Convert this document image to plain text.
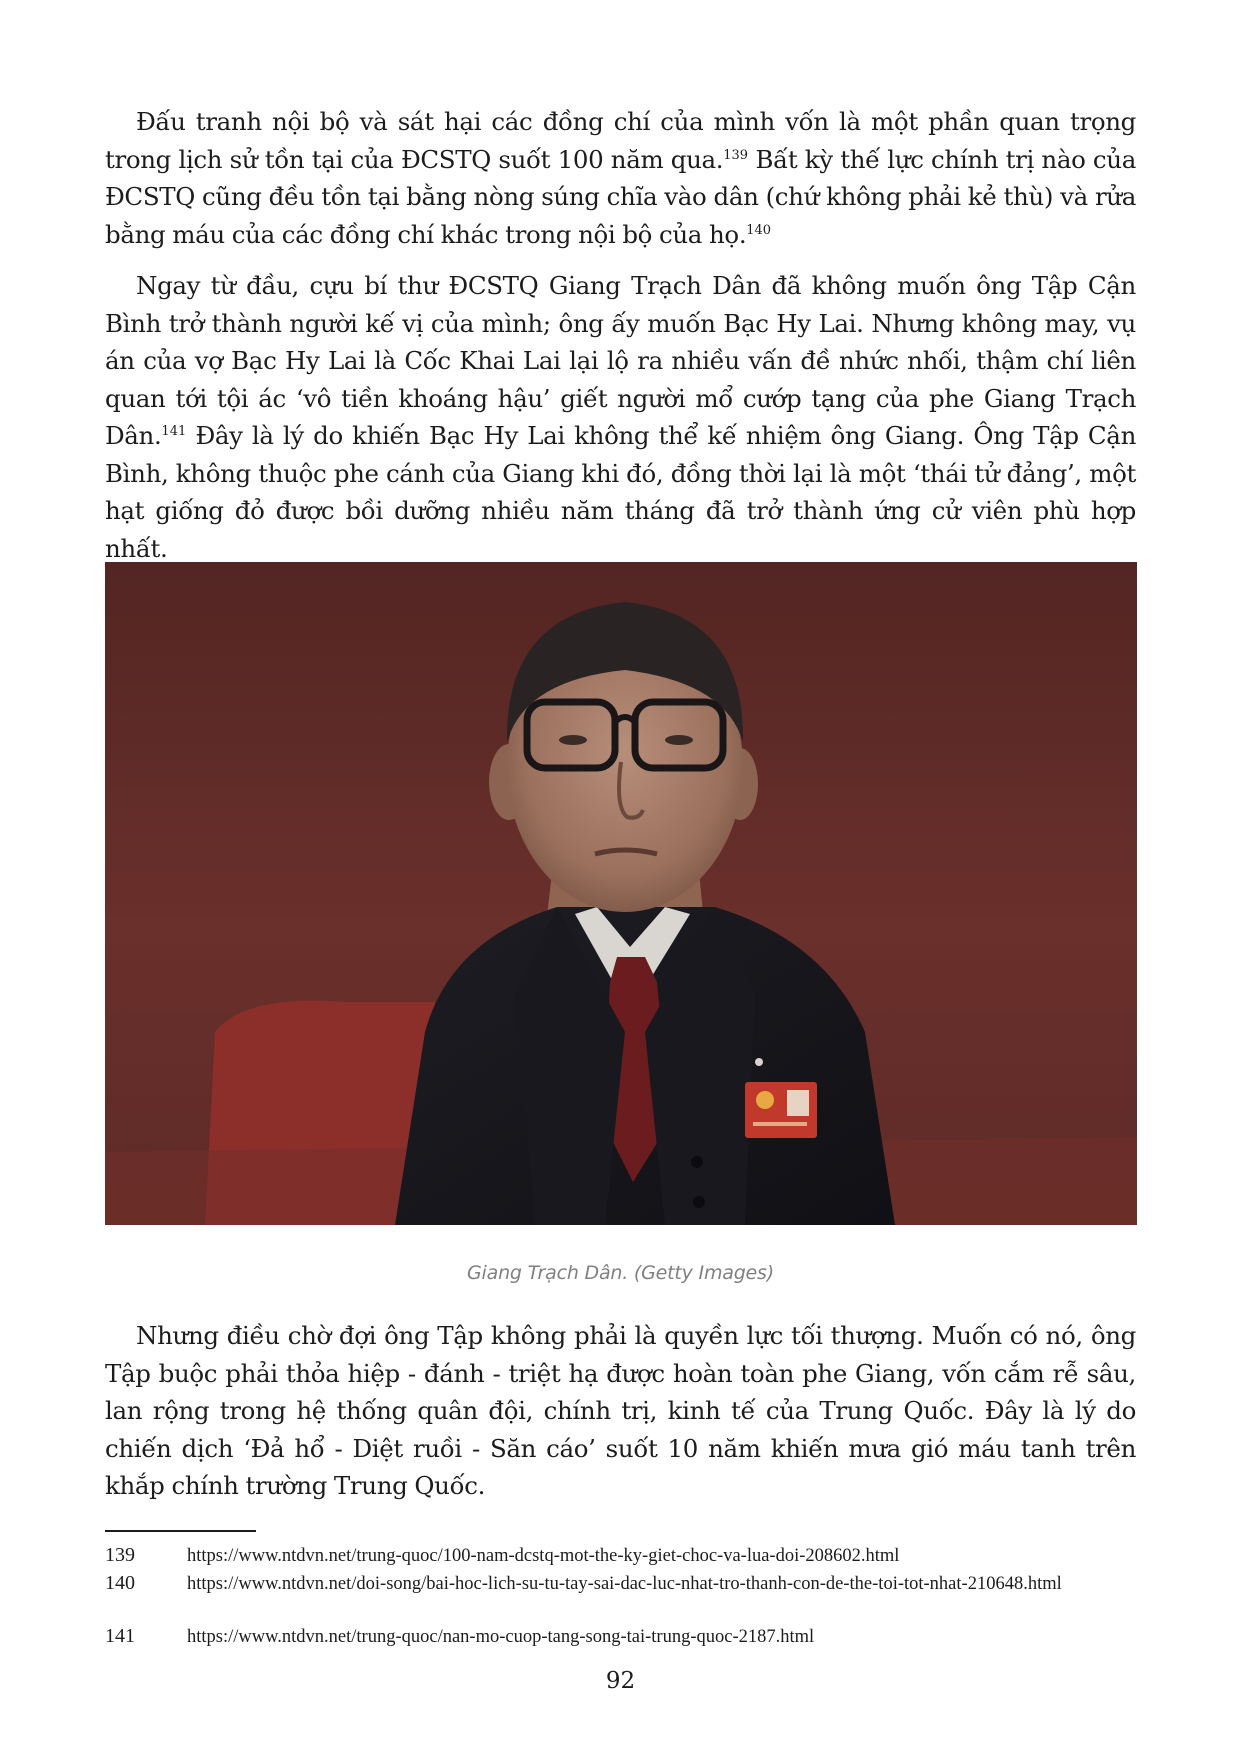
Đấu tranh nội bộ và sát hại các đồng chí của mình vốn là một phần quan trọng trong lịch sử tồn tại của ĐCSTQ suốt 100 năm qua.$^{139}$ Bất kỳ thế lực chính trị nào của ĐCSTQ cũng đều tồn tại bằng nòng súng chĩa vào dân (chứ không phải kẻ thù) và rửa bằng máu của các đồng chí khác trong nội bộ của họ.$^{140}$

Ngay từ đầu, cựu bí thư ĐCSTQ Giang Trạch Dân đã không muốn ông Tập Cận Bình trở thành người kế vị của mình; ông ấy muốn Bạc Hy Lai. Nhưng không may, vụ án của vợ Bạc Hy Lai là Cốc Khai Lai lại lộ ra nhiều vấn đề nhức nhối, thậm chí liên quan tới tội ác ‘vô tiền khoáng hậu’ giết người mổ cướp tạng của phe Giang Trạch Dân.$^{141}$ Đây là lý do khiến Bạc Hy Lai không thể kế nhiệm ông Giang. Ông Tập Cận Bình, không thuộc phe cánh của Giang khi đó, đồng thời lại là một ‘thái tử đảng’, một hạt giống đỏ được bồi dưỡng nhiều năm tháng đã trở thành ứng cử viên phù hợp nhất.

Giang Trạch Dân. (Getty Images)

Nhưng điều chờ đợi ông Tập không phải là quyền lực tối thượng. Muốn có nó, ông Tập buộc phải thỏa hiệp - đánh - triệt hạ được hoàn toàn phe Giang, vốn cắm rễ sâu, lan rộng trong hệ thống quân đội, chính trị, kinh tế của Trung Quốc. Đây là lý do chiến dịch ‘Đả hổ - Diệt ruồi - Săn cáo’ suốt 10 năm khiến mưa gió máu tanh trên khắp chính trường Trung Quốc.

139	https://www.ntdvn.net/trung-quoc/100-nam-dcstq-mot-the-ky-giet-choc-va-lua-doi-208602.html
140	https://www.ntdvn.net/doi-song/bai-hoc-lich-su-tu-tay-sai-dac-luc-nhat-tro-thanh-con-de-the-toi-tot-nhat-210648.html
141	https://www.ntdvn.net/trung-quoc/nan-mo-cuop-tang-song-tai-trung-quoc-2187.html
92
